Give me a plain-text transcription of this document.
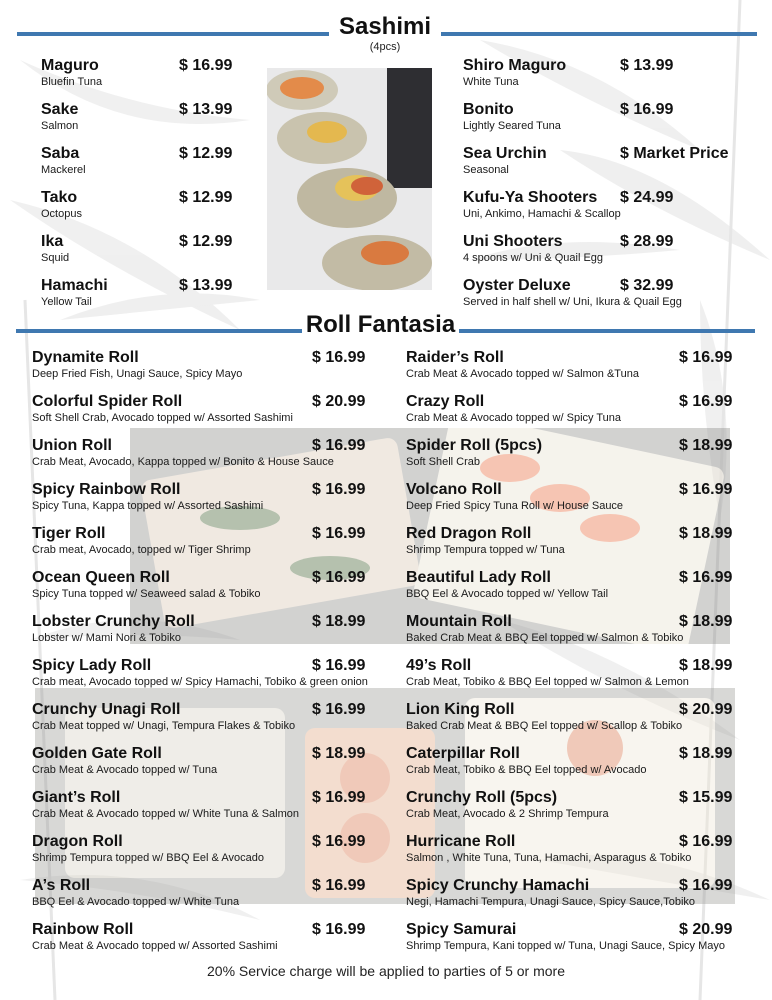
Sashimi
(4pcs)
Maguro	$ 16.99
Bluefin Tuna
Sake	$ 13.99
Salmon
Saba	$ 12.99
Mackerel
Tako	$ 12.99
Octopus
Ika	$ 12.99
Squid
Hamachi	$ 13.99
Yellow Tail
Shiro Maguro	$ 13.99
White Tuna
Bonito	$ 16.99
Lightly Seared Tuna
Sea Urchin	$ Market Price
Seasonal
Kufu-Ya Shooters	$ 24.99
Uni, Ankimo, Hamachi & Scallop
Uni Shooters	$ 28.99
4 spoons w/ Uni & Quail Egg
Oyster Deluxe	$ 32.99
Served in half shell w/ Uni, Ikura & Quail Egg
Roll Fantasia
Dynamite Roll	$ 16.99
Deep Fried Fish, Unagi Sauce, Spicy Mayo
Colorful Spider Roll	$ 20.99
Soft Shell Crab, Avocado topped w/ Assorted Sashimi
Union Roll	$ 16.99
Crab Meat, Avocado, Kappa topped w/ Bonito & House Sauce
Spicy Rainbow Roll	$ 16.99
Spicy Tuna, Kappa topped w/ Assorted Sashimi
Tiger Roll	$ 16.99
Crab meat, Avocado, topped w/ Tiger Shrimp
Ocean Queen Roll	$ 16.99
Spicy Tuna topped w/ Seaweed salad & Tobiko
Lobster Crunchy Roll	$ 18.99
Lobster w/ Mami Nori & Tobiko
Spicy Lady Roll	$ 16.99
Crab meat, Avocado topped w/ Spicy Hamachi, Tobiko & green onion
Crunchy Unagi Roll	$ 16.99
Crab Meat topped w/ Unagi, Tempura Flakes & Tobiko
Golden Gate Roll	$ 18.99
Crab Meat & Avocado topped w/ Tuna
Giant’s Roll	$ 16.99
Crab Meat & Avocado topped w/ White Tuna & Salmon
Dragon Roll	$ 16.99
Shrimp Tempura topped w/ BBQ Eel & Avocado
A’s Roll	$ 16.99
BBQ Eel & Avocado topped w/ White Tuna
Rainbow Roll	$ 16.99
Crab Meat & Avocado topped w/ Assorted Sashimi
Raider’s Roll	$ 16.99
Crab Meat & Avocado topped w/ Salmon &Tuna
Crazy Roll	$ 16.99
Crab Meat & Avocado topped w/ Spicy Tuna
Spider Roll (5pcs)	$ 18.99
Soft Shell Crab
Volcano Roll	$ 16.99
Deep Fried Spicy Tuna Roll w/ House Sauce
Red Dragon Roll	$ 18.99
Shrimp Tempura topped w/ Tuna
Beautiful Lady Roll	$ 16.99
BBQ Eel & Avocado topped w/ Yellow Tail
Mountain Roll	$ 18.99
Baked Crab Meat & BBQ Eel topped w/ Salmon & Tobiko
49’s Roll	$ 18.99
Crab Meat, Tobiko & BBQ Eel topped w/ Salmon & Lemon
Lion King Roll	$ 20.99
Baked Crab Meat & BBQ Eel topped w/ Scallop & Tobiko
Caterpillar Roll	$ 18.99
Crab Meat, Tobiko & BBQ Eel topped w/ Avocado
Crunchy Roll (5pcs)	$ 15.99
Crab Meat, Avocado & 2 Shrimp Tempura
Hurricane Roll	$ 16.99
Salmon , White Tuna, Tuna, Hamachi, Asparagus & Tobiko
Spicy Crunchy Hamachi	$ 16.99
Negi, Hamachi Tempura, Unagi Sauce, Spicy Sauce,Tobiko
Spicy Samurai	$ 20.99
Shrimp Tempura, Kani topped w/ Tuna, Unagi Sauce, Spicy Mayo
20% Service charge will be applied to parties of 5 or more
